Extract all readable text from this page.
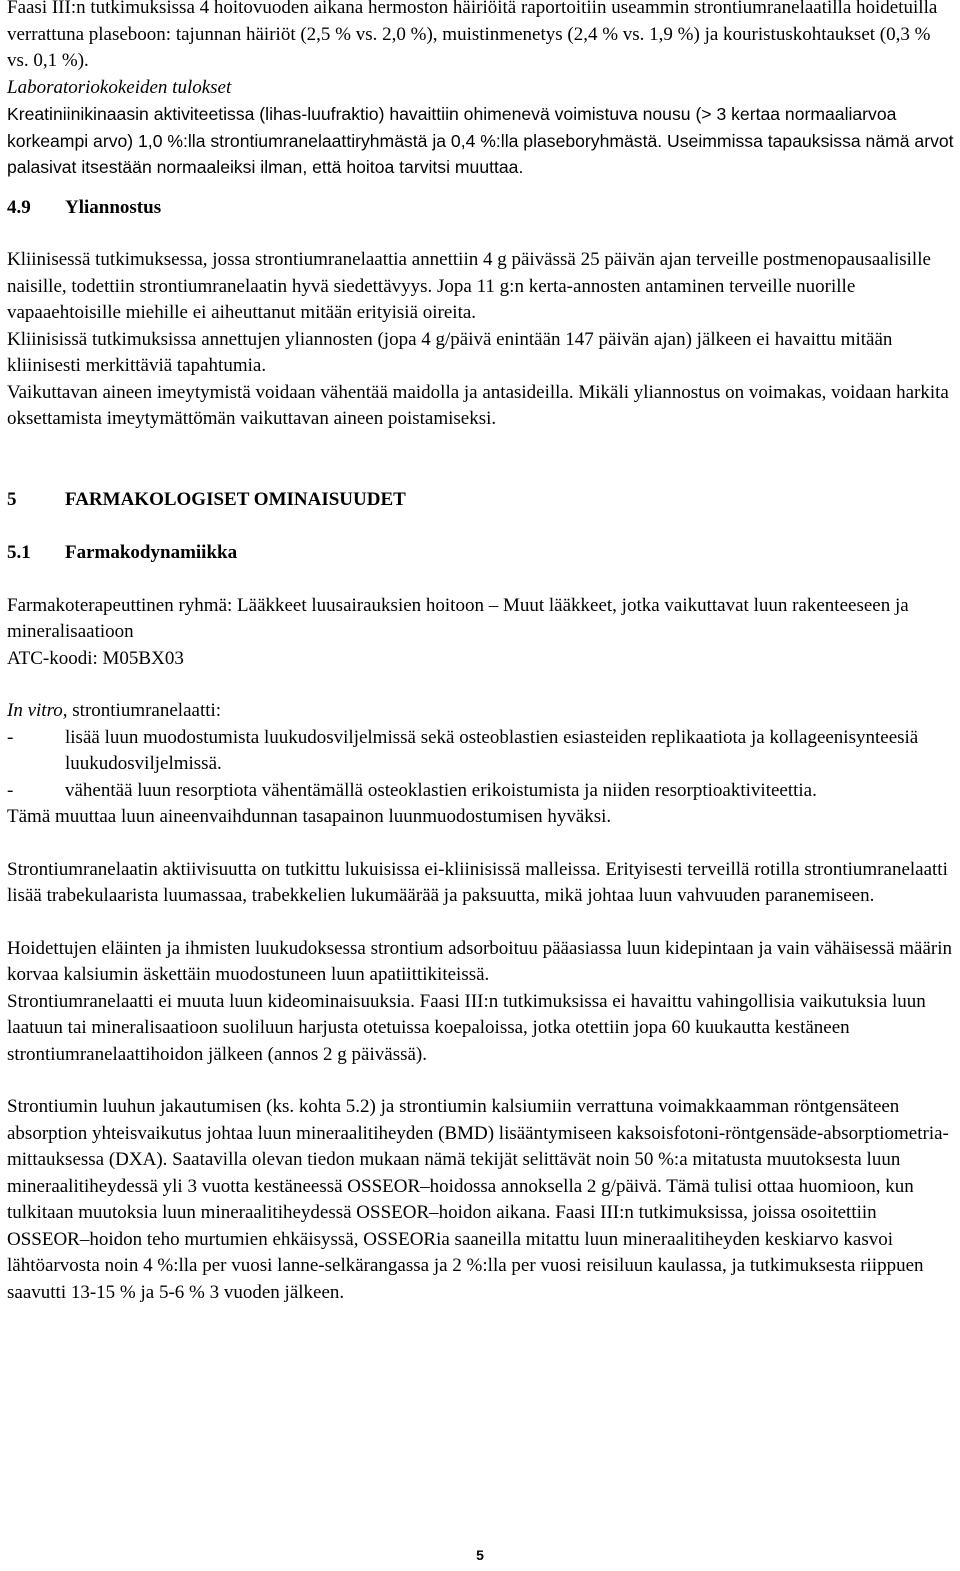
Faasi III:n tutkimuksissa 4 hoitovuoden aikana hermoston häiriöitä raportoitiin useammin strontiumranelaatilla hoidetuilla verrattuna plaseboon: tajunnan häiriöt (2,5 % vs. 2,0 %), muistinmenetys (2,4 % vs. 1,9 %) ja kouristuskohtaukset (0,3 % vs. 0,1 %).

Laboratoriokokeiden tulokset

Kreatiniinikinaasin aktiviteetissa (lihas-luufraktio) havaittiin ohimenevä voimistuva nousu (> 3 kertaa normaaliarvoa korkeampi arvo) 1,0 %:lla strontiumranelaattiryhmästä ja 0,4 %:lla plaseboryhmästä. Useimmissa tapauksissa nämä arvot palasivat itsestään normaaleiksi ilman, että hoitoa tarvitsi muuttaa.

4.9	Yliannostus

Kliinisessä tutkimuksessa, jossa strontiumranelaattia annettiin 4 g päivässä 25 päivän ajan terveille postmenopausaalisille naisille, todettiin strontiumranelaatin hyvä siedettävyys. Jopa 11 g:n kerta-annosten antaminen terveille nuorille vapaaehtoisille miehille ei aiheuttanut mitään erityisiä oireita.

Kliinisissä tutkimuksissa annettujen yliannosten (jopa 4 g/päivä enintään 147 päivän ajan) jälkeen ei havaittu mitään kliinisesti merkittäviä tapahtumia.

Vaikuttavan aineen imeytymistä voidaan vähentää maidolla ja antasideilla. Mikäli yliannostus on voimakas, voidaan harkita oksettamista imeytymättömän vaikuttavan aineen poistamiseksi.

5	FARMAKOLOGISET OMINAISUUDET
5.1	Farmakodynamiikka

Farmakoterapeuttinen ryhmä: Lääkkeet luusairauksien hoitoon – Muut lääkkeet, jotka vaikuttavat luun rakenteeseen ja mineralisaatioon

ATC-koodi: M05BX03

In vitro, strontiumranelaatti:

-	lisää luun muodostumista luukudosviljelmissä sekä osteoblastien esiasteiden replikaatiota ja kollageenisynteesiä luukudosviljelmissä.
-	vähentää luun resorptiota vähentämällä osteoklastien erikoistumista ja niiden resorptioaktiviteettia.

Tämä muuttaa luun aineenvaihdunnan tasapainon luunmuodostumisen hyväksi.

Strontiumranelaatin aktiivisuutta on tutkittu lukuisissa ei-kliinisissä malleissa. Erityisesti terveillä rotilla strontiumranelaatti lisää trabekulaarista luumassaa, trabekkelien lukumäärää ja paksuutta, mikä johtaa luun vahvuuden paranemiseen.

Hoidettujen eläinten ja ihmisten luukudoksessa strontium adsorboituu pääasiassa luun kidepintaan ja vain vähäisessä määrin korvaa kalsiumin äskettäin muodostuneen luun apatiittikiteissä.

Strontiumranelaatti ei muuta luun kideominaisuuksia. Faasi III:n tutkimuksissa ei havaittu vahingollisia vaikutuksia luun laatuun tai mineralisaatioon suoliluun harjusta otetuissa koepaloissa, jotka otettiin jopa 60 kuukautta kestäneen strontiumranelaattihoidon jälkeen (annos 2 g päivässä).

Strontiumin luuhun jakautumisen (ks. kohta 5.2) ja strontiumin kalsiumiin verrattuna voimakkaamman röntgensäteen absorption yhteisvaikutus johtaa luun mineraalitiheyden (BMD) lisääntymiseen kaksoisfotoni-röntgensäde-absorptiometria-mittauksessa (DXA). Saatavilla olevan tiedon mukaan nämä tekijät selittävät noin 50 %:a mitatusta muutoksesta luun mineraalitiheydessä yli 3 vuotta kestäneessä OSSEOR–hoidossa annoksella 2 g/päivä. Tämä tulisi ottaa huomioon, kun tulkitaan muutoksia luun mineraalitiheydessä OSSEOR–hoidon aikana. Faasi III:n tutkimuksissa, joissa osoitettiin OSSEOR–hoidon teho murtumien ehkäisyssä, OSSEORia saaneilla mitattu luun mineraalitiheyden keskiarvo kasvoi lähtöarvosta noin 4 %:lla per vuosi lanne-selkärangassa ja 2 %:lla per vuosi reisiluun kaulassa, ja tutkimuksesta riippuen saavutti 13-15 % ja 5-6 % 3 vuoden jälkeen.

5
